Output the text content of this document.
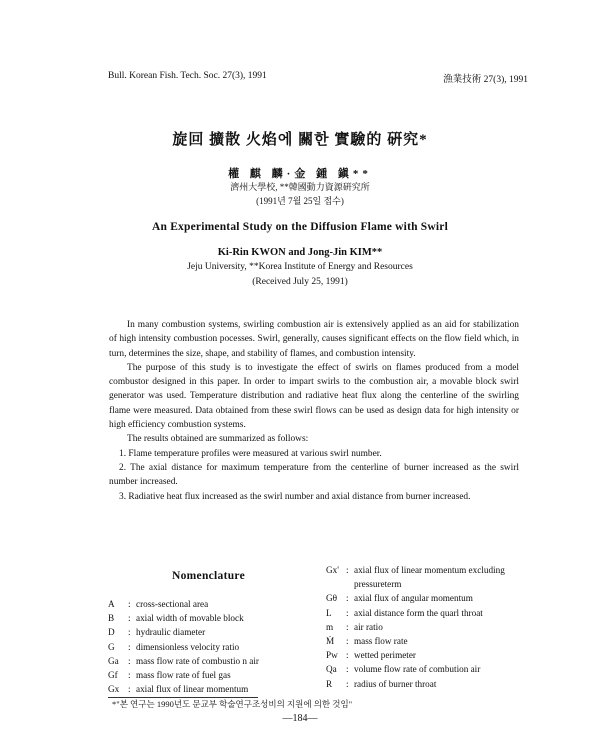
Bull. Korean Fish. Tech. Soc. 27(3), 1991	漁業技術 27(3), 1991
旋回 擴散 火焰에 關한 實驗的 硏究*
權 麒 麟·金 鍾 鎭**
濟州大學校, **韓國動力資源硏究所
(1991년 7월 25일 접수)
An Experimental Study on the Diffusion Flame with Swirl
Ki-Rin KWON and Jong-Jin KIM**
Jeju University, **Korea Institute of Energy and Resources
(Received July 25, 1991)

In many combustion systems, swirling combustion air is extensively applied as an aid for stabilization of high intensity combustion pocesses. Swirl, generally, causes significant effects on the flow field which, in turn, determines the size, shape, and stability of flames, and combustion intensity.

The purpose of this study is to investigate the effect of swirls on flames produced from a model combustor designed in this paper. In order to impart swirls to the combustion air, a movable block swirl generator was used. Temperature distribution and radiative heat flux along the centerline of the swirling flame were measured. Data obtained from these swirl flows can be used as design data for high intensity or high efficiency combustion systems.

The results obtained are summarized as follows:

1. Flame temperature profiles were measured at various swirl number.

2. The axial distance for maximum temperature from the centerline of burner increased as the swirl number increased.

3. Radiative heat flux increased as the swirl number and axial distance from burner increased.

Nomenclature
A	: cross-sectional area
B	: axial width of movable block
D	: hydraulic diameter
G	: dimensionless velocity ratio
Ga	: mass flow rate of combustio n air
Gf	: mass flow rate of fuel gas
Gx : axial flux of linear momentum
Gx' : axial flux of linear momentum excluding pressureterm
Gθ : axial flux of angular momentum
L	: axial distance form the quarl throat
m	: air ratio
Ṁ	: mass flow rate
Pw : wetted perimeter
Qa	: volume flow rate of combution air
R	: radius of burner throat
*"본 연구는 1990년도 문교부 학술연구조성비의 지원에 의한 것임"
—184—
